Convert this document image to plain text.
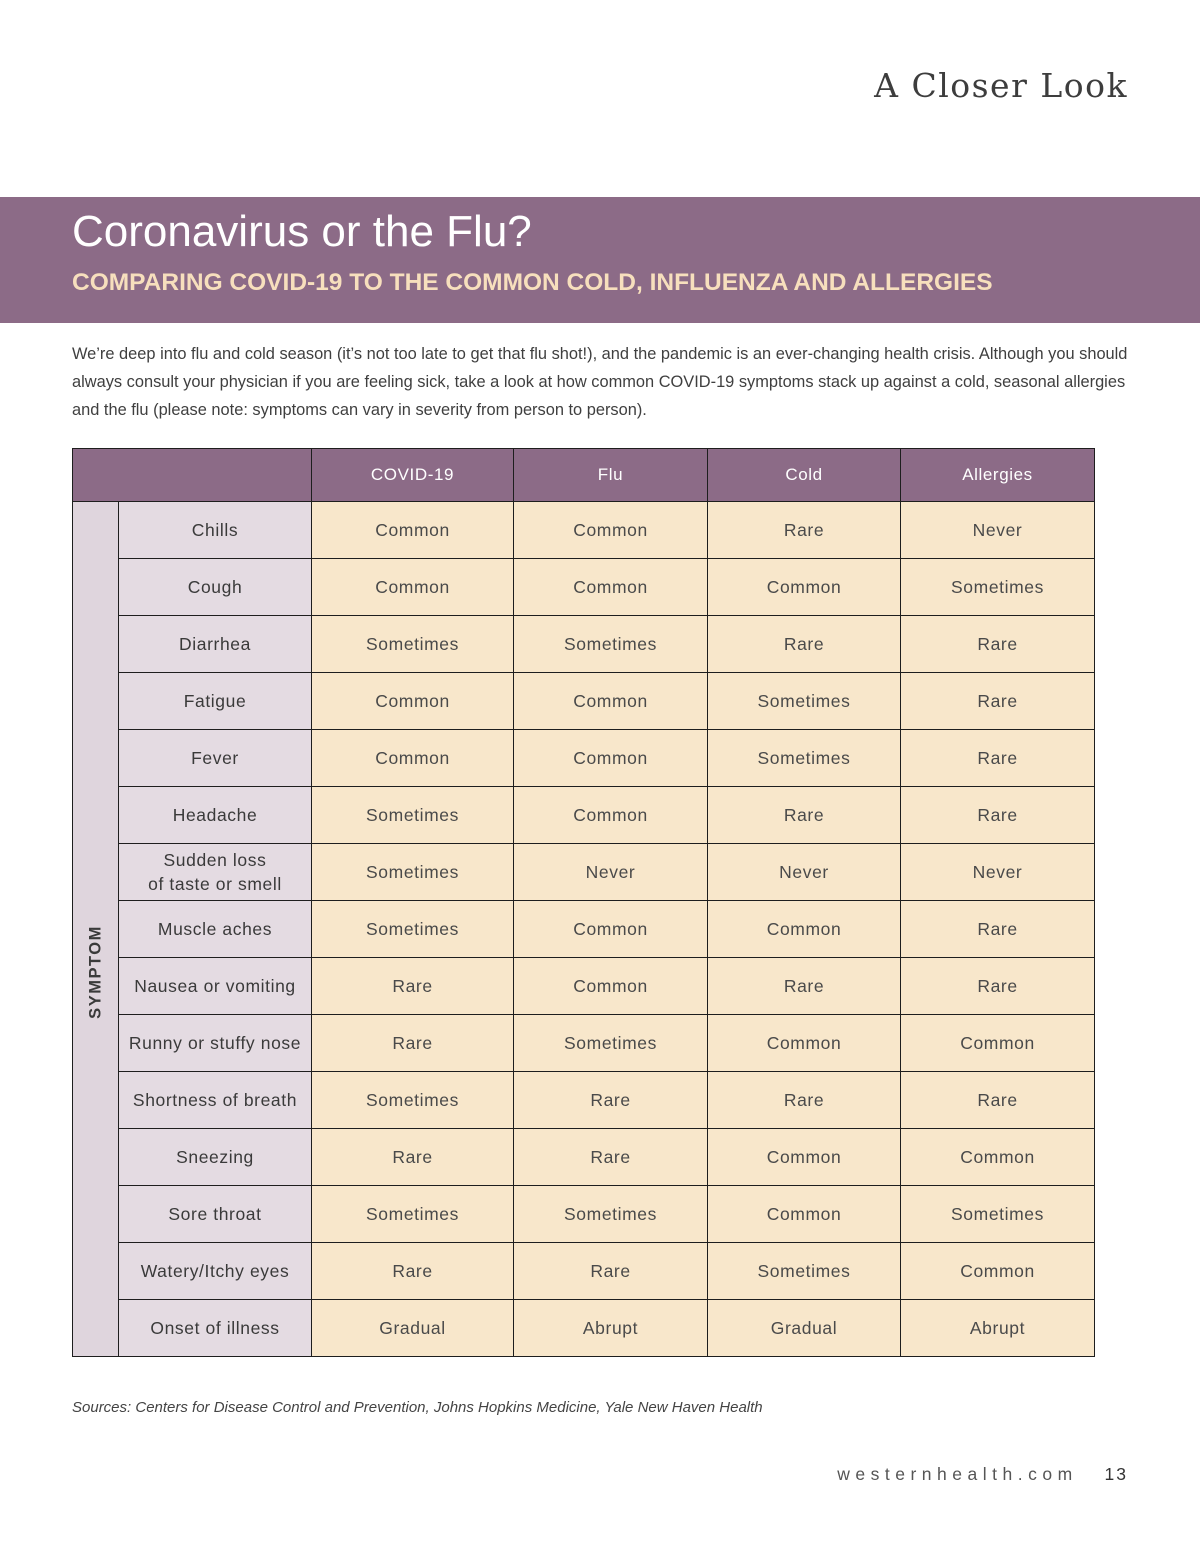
A Closer Look
Coronavirus or the Flu?
COMPARING COVID-19 TO THE COMMON COLD, INFLUENZA AND ALLERGIES

We’re deep into flu and cold season (it’s not too late to get that flu shot!), and the pandemic is an ever-changing health crisis. Although you should always consult your physician if you are feeling sick, take a look at how common COVID-19 symptoms stack up against a cold, seasonal allergies and the flu (please note: symptoms can vary in severity from person to person).

		COVID-19	Flu	Cold	Allergies

SYMPTOM	Chills	Common	Common	Rare	Never
	Cough	Common	Common	Common	Sometimes
	Diarrhea	Sometimes	Sometimes	Rare	Rare
	Fatigue	Common	Common	Sometimes	Rare
	Fever	Common	Common	Sometimes	Rare
	Headache	Sometimes	Common	Rare	Rare
	Sudden loss
of taste or smell	Sometimes	Never	Never	Never
	Muscle aches	Sometimes	Common	Common	Rare
	Nausea or vomiting	Rare	Common	Rare	Rare
	Runny or stuffy nose	Rare	Sometimes	Common	Common
	Shortness of breath	Sometimes	Rare	Rare	Rare
	Sneezing	Rare	Rare	Common	Common
	Sore throat	Sometimes	Sometimes	Common	Sometimes
	Watery/Itchy eyes	Rare	Rare	Sometimes	Common
	Onset of illness	Gradual	Abrupt	Gradual	Abrupt

Sources: Centers for Disease Control and Prevention, Johns Hopkins Medicine, Yale New Haven Health

westernhealth.com 13
